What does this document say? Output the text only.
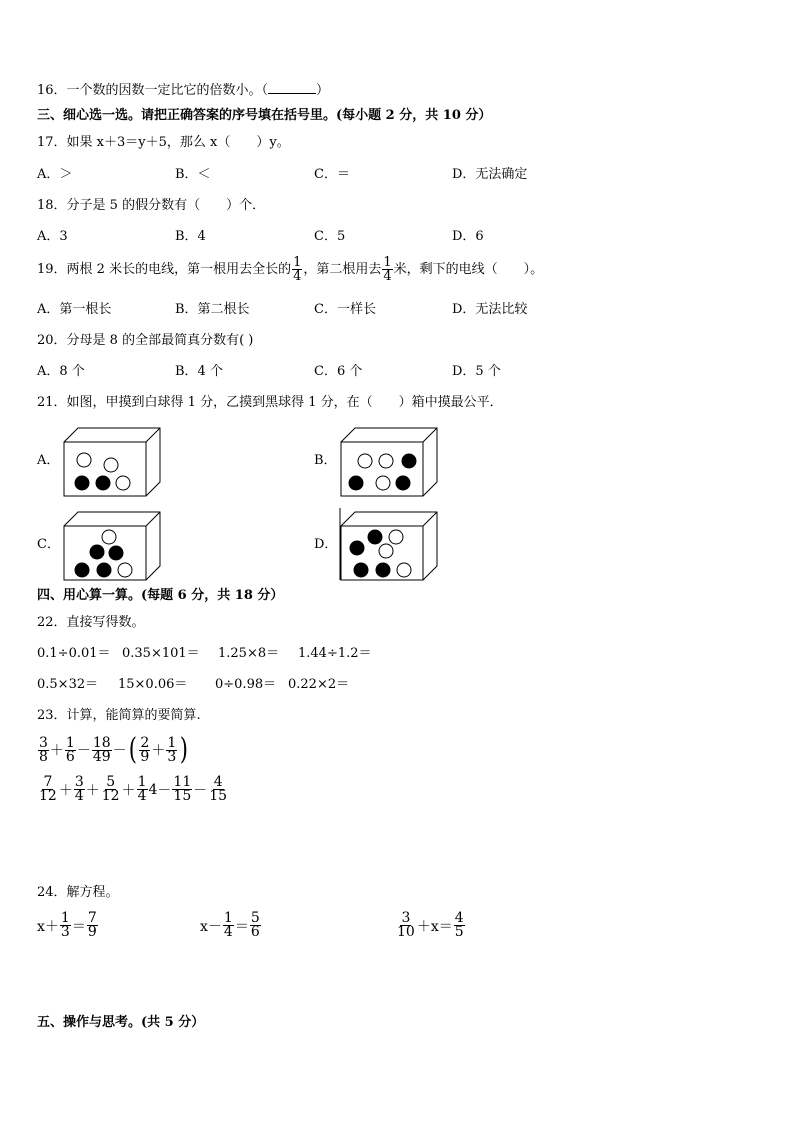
16．一个数的因数一定比它的倍数小。（	）
三、细心选一选。请把正确答案的序号填在括号里。(每小题 2 分，共 10 分）
17．如果 x＋3＝y＋5，那么 x（　　）y。
A．＞	B．＜	C．＝	D．无法确定
18．分子是 5 的假分数有（　　）个．
A．3	B．4	C．5	D．6
19．两根 2 米长的电线，第一根用去全长的 1
4 ，第二根用去 1
4 米，剩下的电线（　　）。
A．第一根长	B．第二根长	C．一样长	D．无法比较
20．分母是 8 的全部最简真分数有( )
A．8 个	B．4 个	C．6 个	D．5 个
21．如图，甲摸到白球得 1 分，乙摸到黑球得 1 分，在（　　）箱中摸最公平．
A．	B．
C．	D．
四、用心算一算。(每题 6 分，共 18 分）
22．直接写得数。
0.1÷0.01＝ 0.35×101＝ 1.25×8＝ 1.44÷1.2＝
0.5×32＝ 15×0.06＝ 0÷0.98＝ 0.22×2＝
23．计算，能简算的要简算.
3
8 ＋
1
6 －
18
49 － ( 2
9 ＋
1
3 )
7
12 ＋
3
4 ＋
5
12 ＋
1
4 4 －
11
15 －
4
15
24．解方程。
x＋
1
3 ＝
7
9	x－
1
4 ＝
5
6
3
10 ＋x＝
4
5
五、操作与思考。(共 5 分）
